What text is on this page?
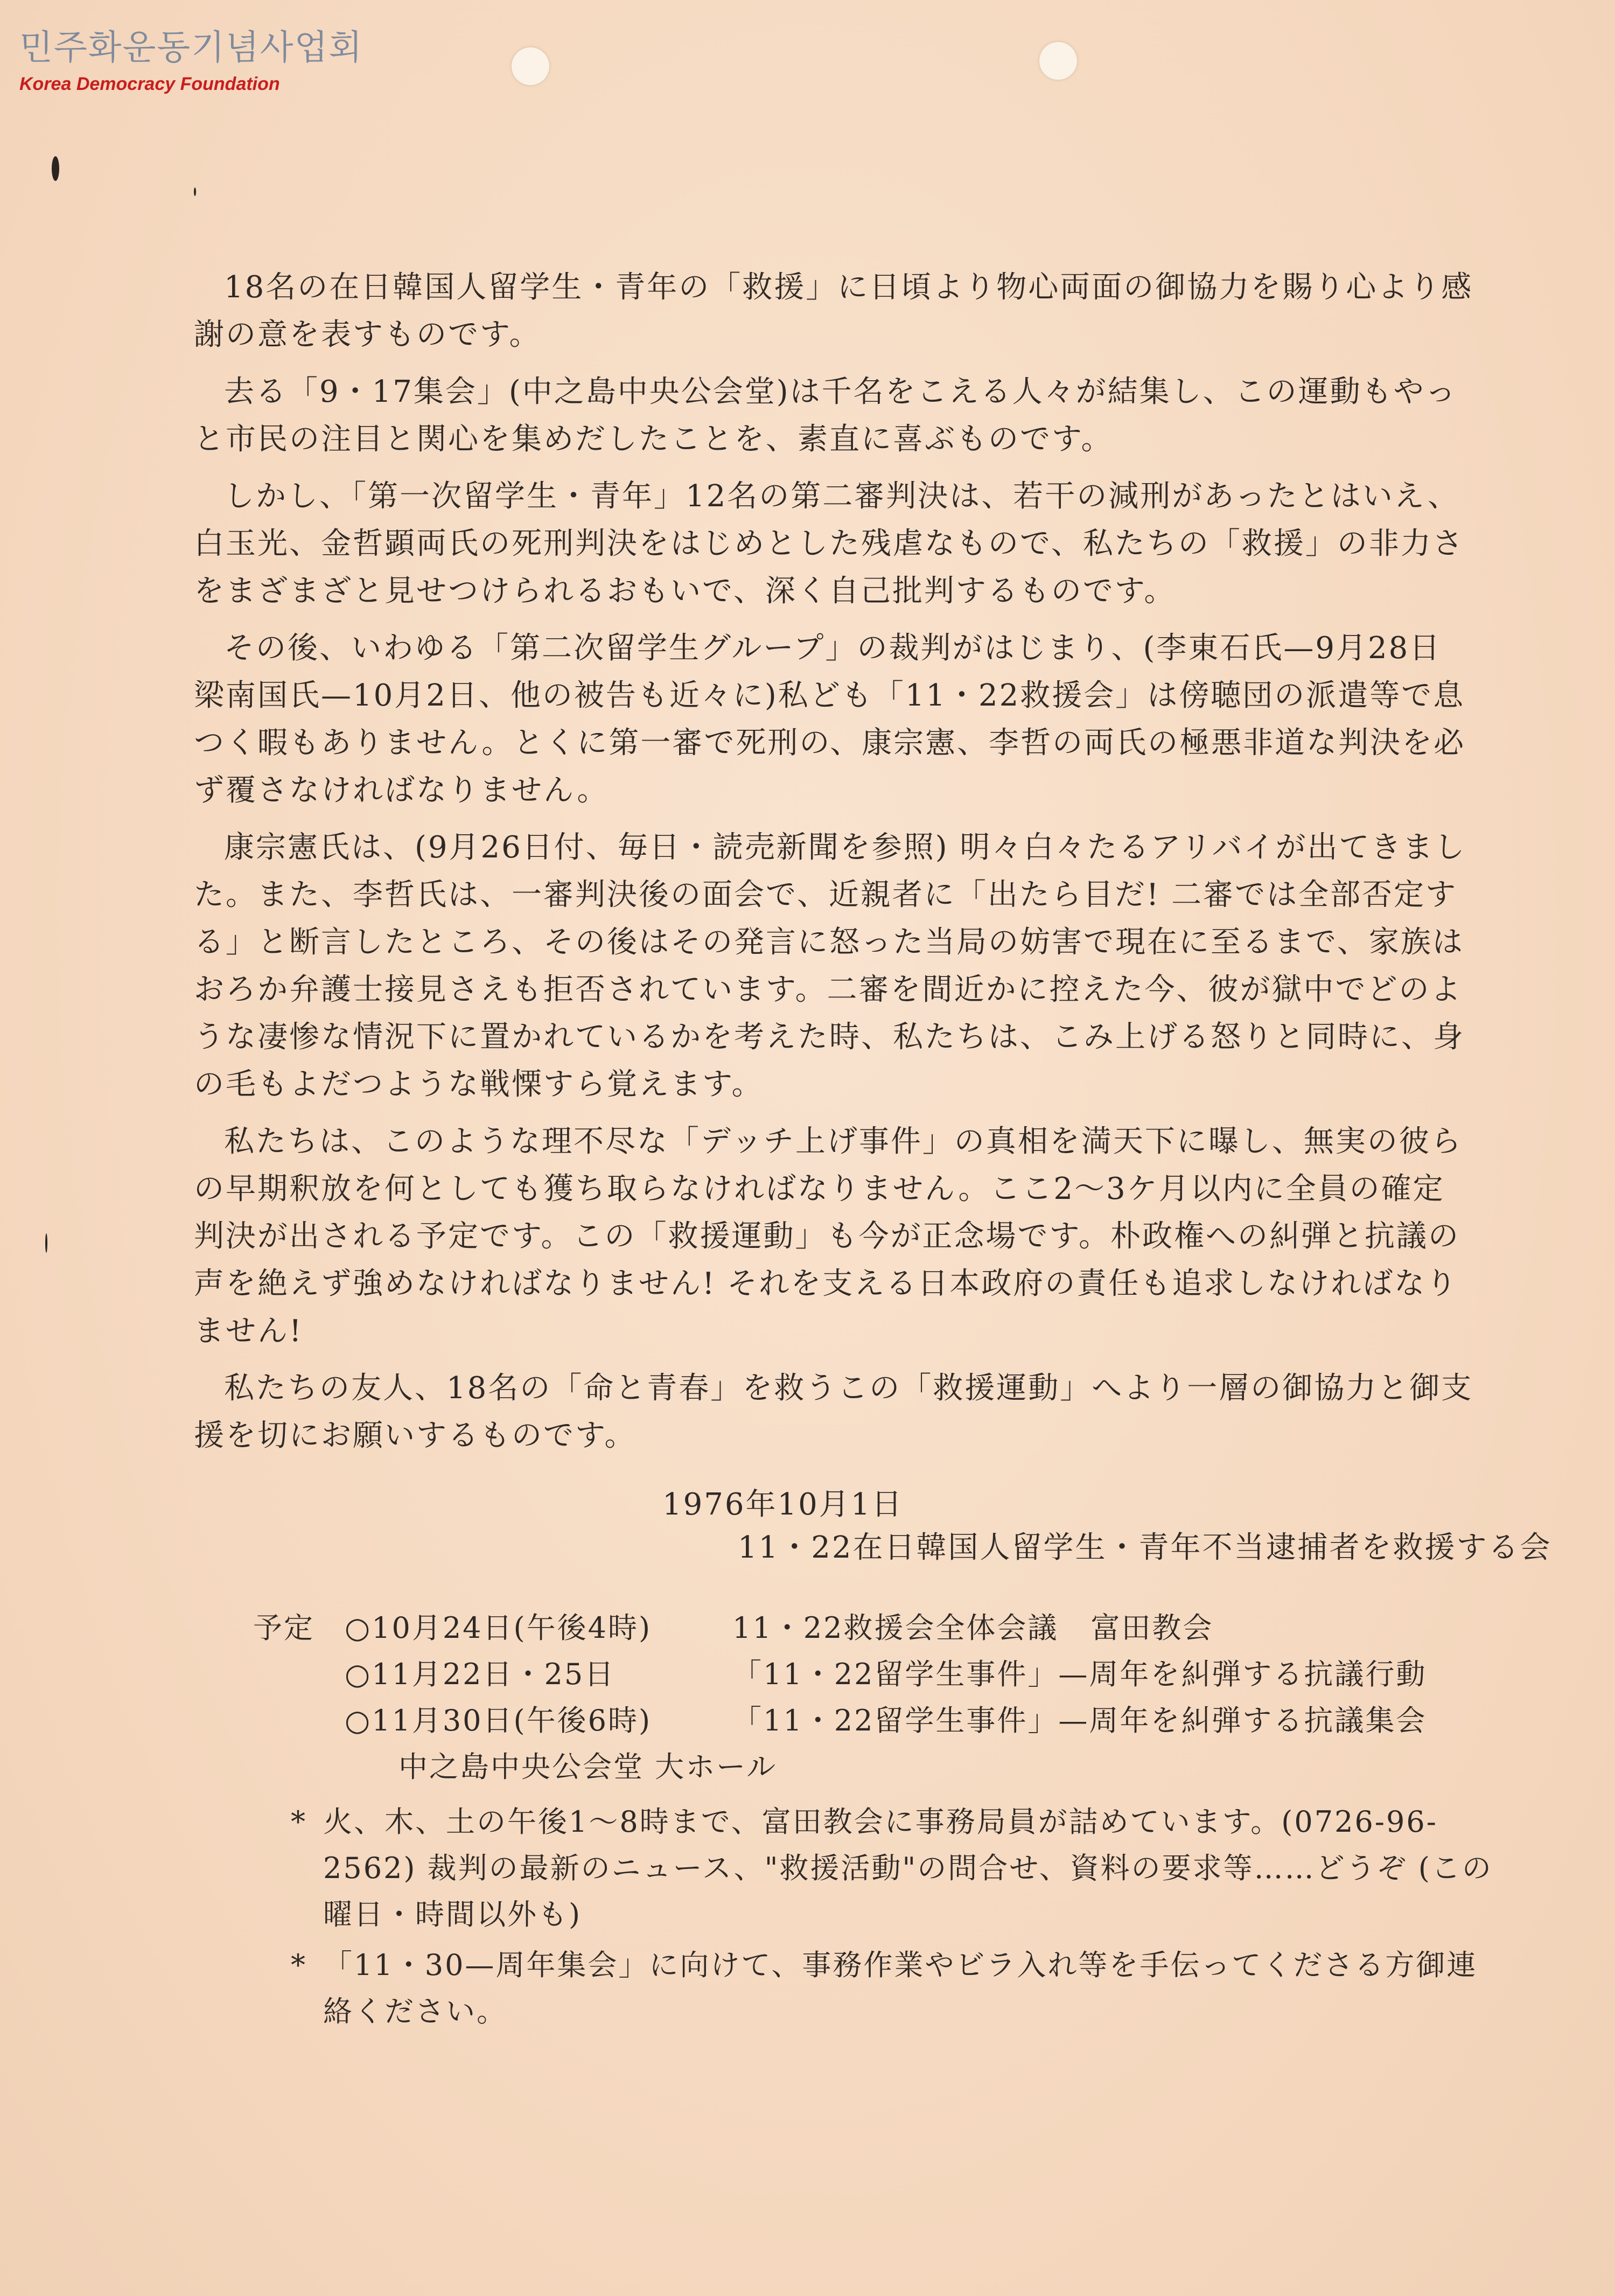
민주화운동기념사업회
Korea Democracy Foundation

18名の在日韓国人留学生・青年の「救援」に日頃より物心両面の御協力を賜り心より感謝の意を表すものです。

去る「9・17集会」(中之島中央公会堂)は千名をこえる人々が結集し、この運動もやっと市民の注目と関心を集めだしたことを、素直に喜ぶものです。

しかし、「第一次留学生・青年」12名の第二審判決は、若干の減刑があったとはいえ、白玉光、金哲顕両氏の死刑判決をはじめとした残虐なもので、私たちの「救援」の非力さをまざまざと見せつけられるおもいで、深く自己批判するものです。

その後、いわゆる「第二次留学生グループ」の裁判がはじまり、(李東石氏—9月28日 梁南国氏—10月2日、他の被告も近々に)私ども「11・22救援会」は傍聴団の派遣等で息つく暇もありません。とくに第一審で死刑の、康宗憲、李哲の両氏の極悪非道な判決を必ず覆さなければなりません。

康宗憲氏は、(9月26日付、毎日・読売新聞を参照) 明々白々たるアリバイが出てきました。また、李哲氏は、一審判決後の面会で、近親者に「出たら目だ! 二審では全部否定する」と断言したところ、その後はその発言に怒った当局の妨害で現在に至るまで、家族はおろか弁護士接見さえも拒否されています。二審を間近かに控えた今、彼が獄中でどのような凄惨な情況下に置かれているかを考えた時、私たちは、こみ上げる怒りと同時に、身の毛もよだつような戦慄すら覚えます。

私たちは、このような理不尽な「デッチ上げ事件」の真相を満天下に曝し、無実の彼らの早期釈放を何としても獲ち取らなければなりません。ここ2〜3ケ月以内に全員の確定判決が出される予定です。この「救援運動」も今が正念場です。朴政権への糾弾と抗議の声を絶えず強めなければなりません! それを支える日本政府の責任も追求しなければなりません!

私たちの友人、18名の「命と青春」を救うこの「救援運動」へより一層の御協力と御支援を切にお願いするものです。

1976年10月1日
11・22在日韓国人留学生・青年不当逮捕者を救援する会
予定	○10月24日(午後4時)	11・22救援会全体会議	富田教会
○11月22日・25日	「11・22留学生事件」—周年を糾弾する抗議行動
○11月30日(午後6時)	「11・22留学生事件」—周年を糾弾する抗議集会
中之島中央公会堂 大ホール
* 火、木、土の午後1〜8時まで、富田教会に事務局員が詰めています。(0726-96-2562) 裁判の最新のニュース、"救援活動"の問合せ、資料の要求等……どうぞ (この曜日・時間以外も)
* 「11・30—周年集会」に向けて、事務作業やビラ入れ等を手伝ってくださる方御連絡ください。
